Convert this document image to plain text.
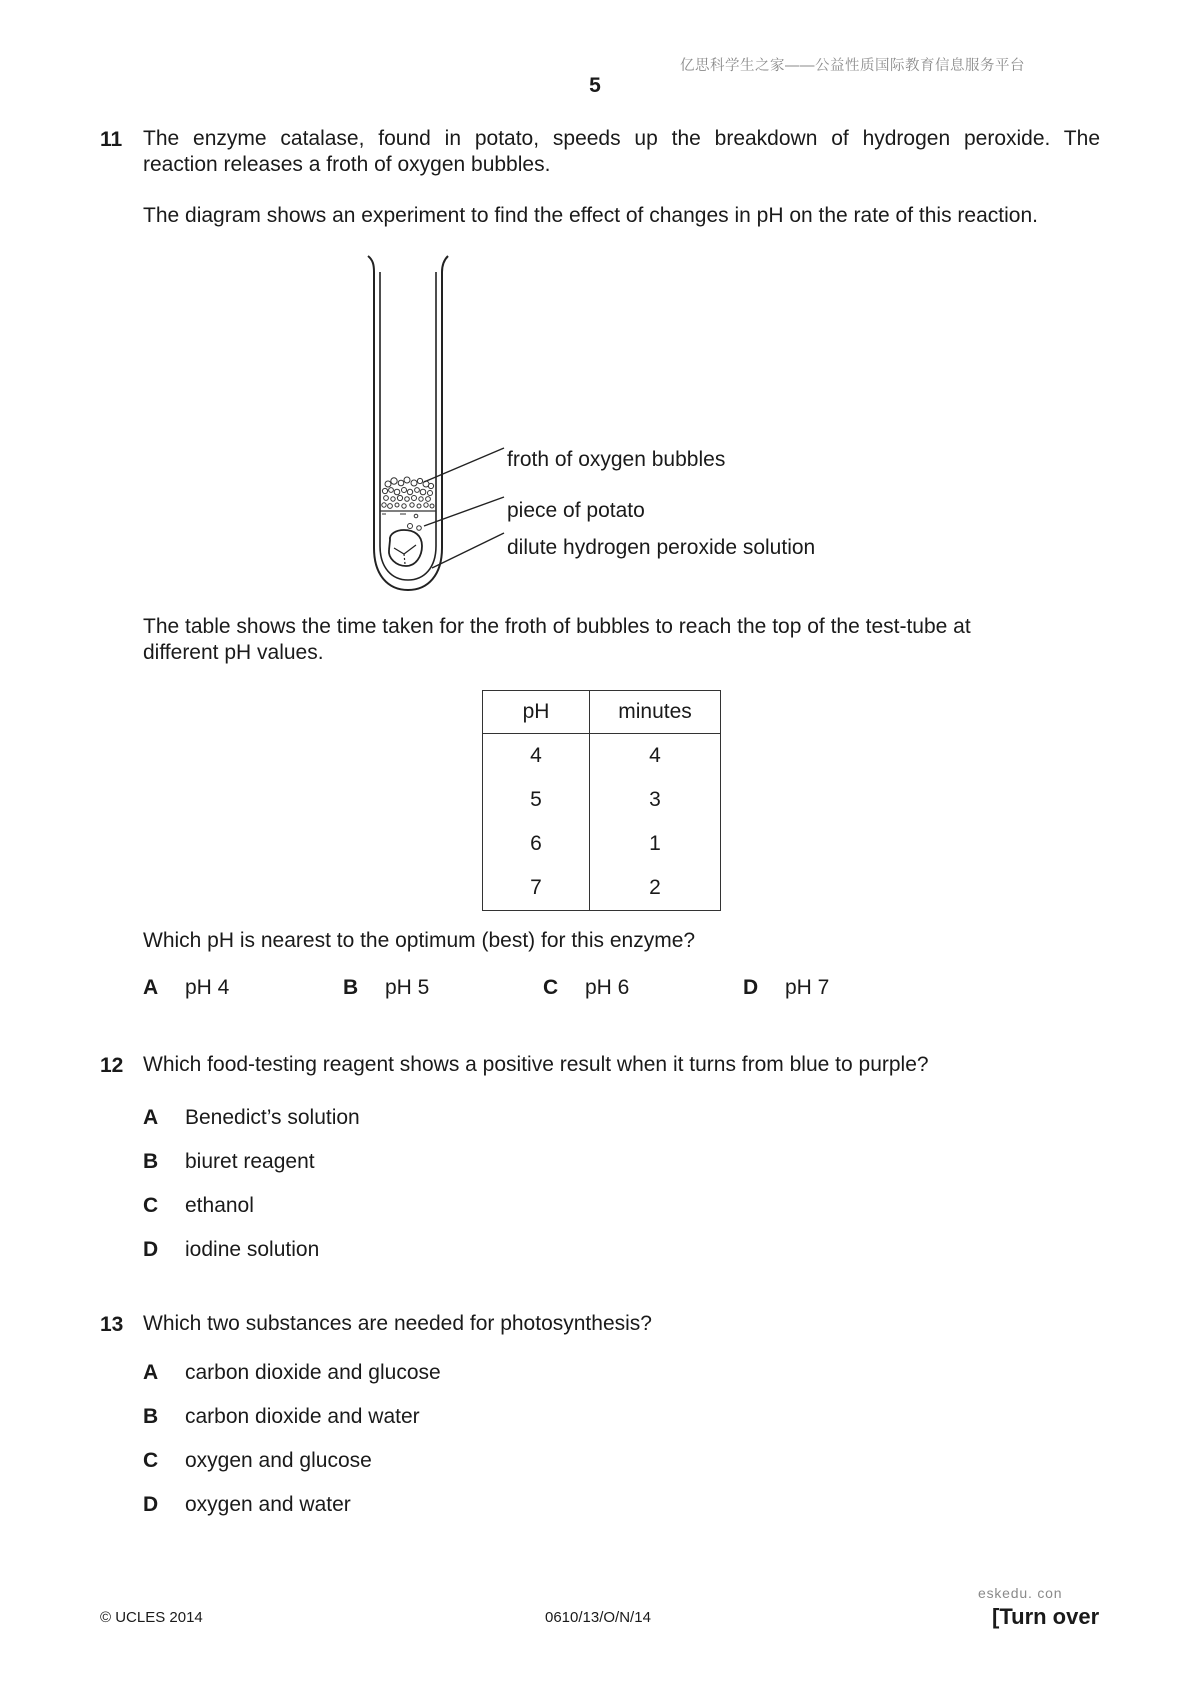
亿思科学生之家——公益性质国际教育信息服务平台
5
11 The enzyme catalase, found in potato, speeds up the breakdown of hydrogen peroxide. The
reaction releases a froth of oxygen bubbles.
The diagram shows an experiment to find the effect of changes in pH on the rate of this reaction.
froth of oxygen bubbles
piece of potato
dilute hydrogen peroxide solution
The table shows the time taken for the froth of bubbles to reach the top of the test-tube at
different pH values.
pH	minutes
4	4
5	3
6	1
7	2
Which pH is nearest to the optimum (best) for this enzyme?
A pH 4	B pH 5	C pH 6	D pH 7
12 Which food-testing reagent shows a positive result when it turns from blue to purple?
A Benedict’s solution
B biuret reagent
C ethanol
D iodine solution
13 Which two substances are needed for photosynthesis?
A carbon dioxide and glucose
B carbon dioxide and water
C oxygen and glucose
D oxygen and water
eskedu. con
© UCLES 2014	0610/13/O/N/14	[Turn over
